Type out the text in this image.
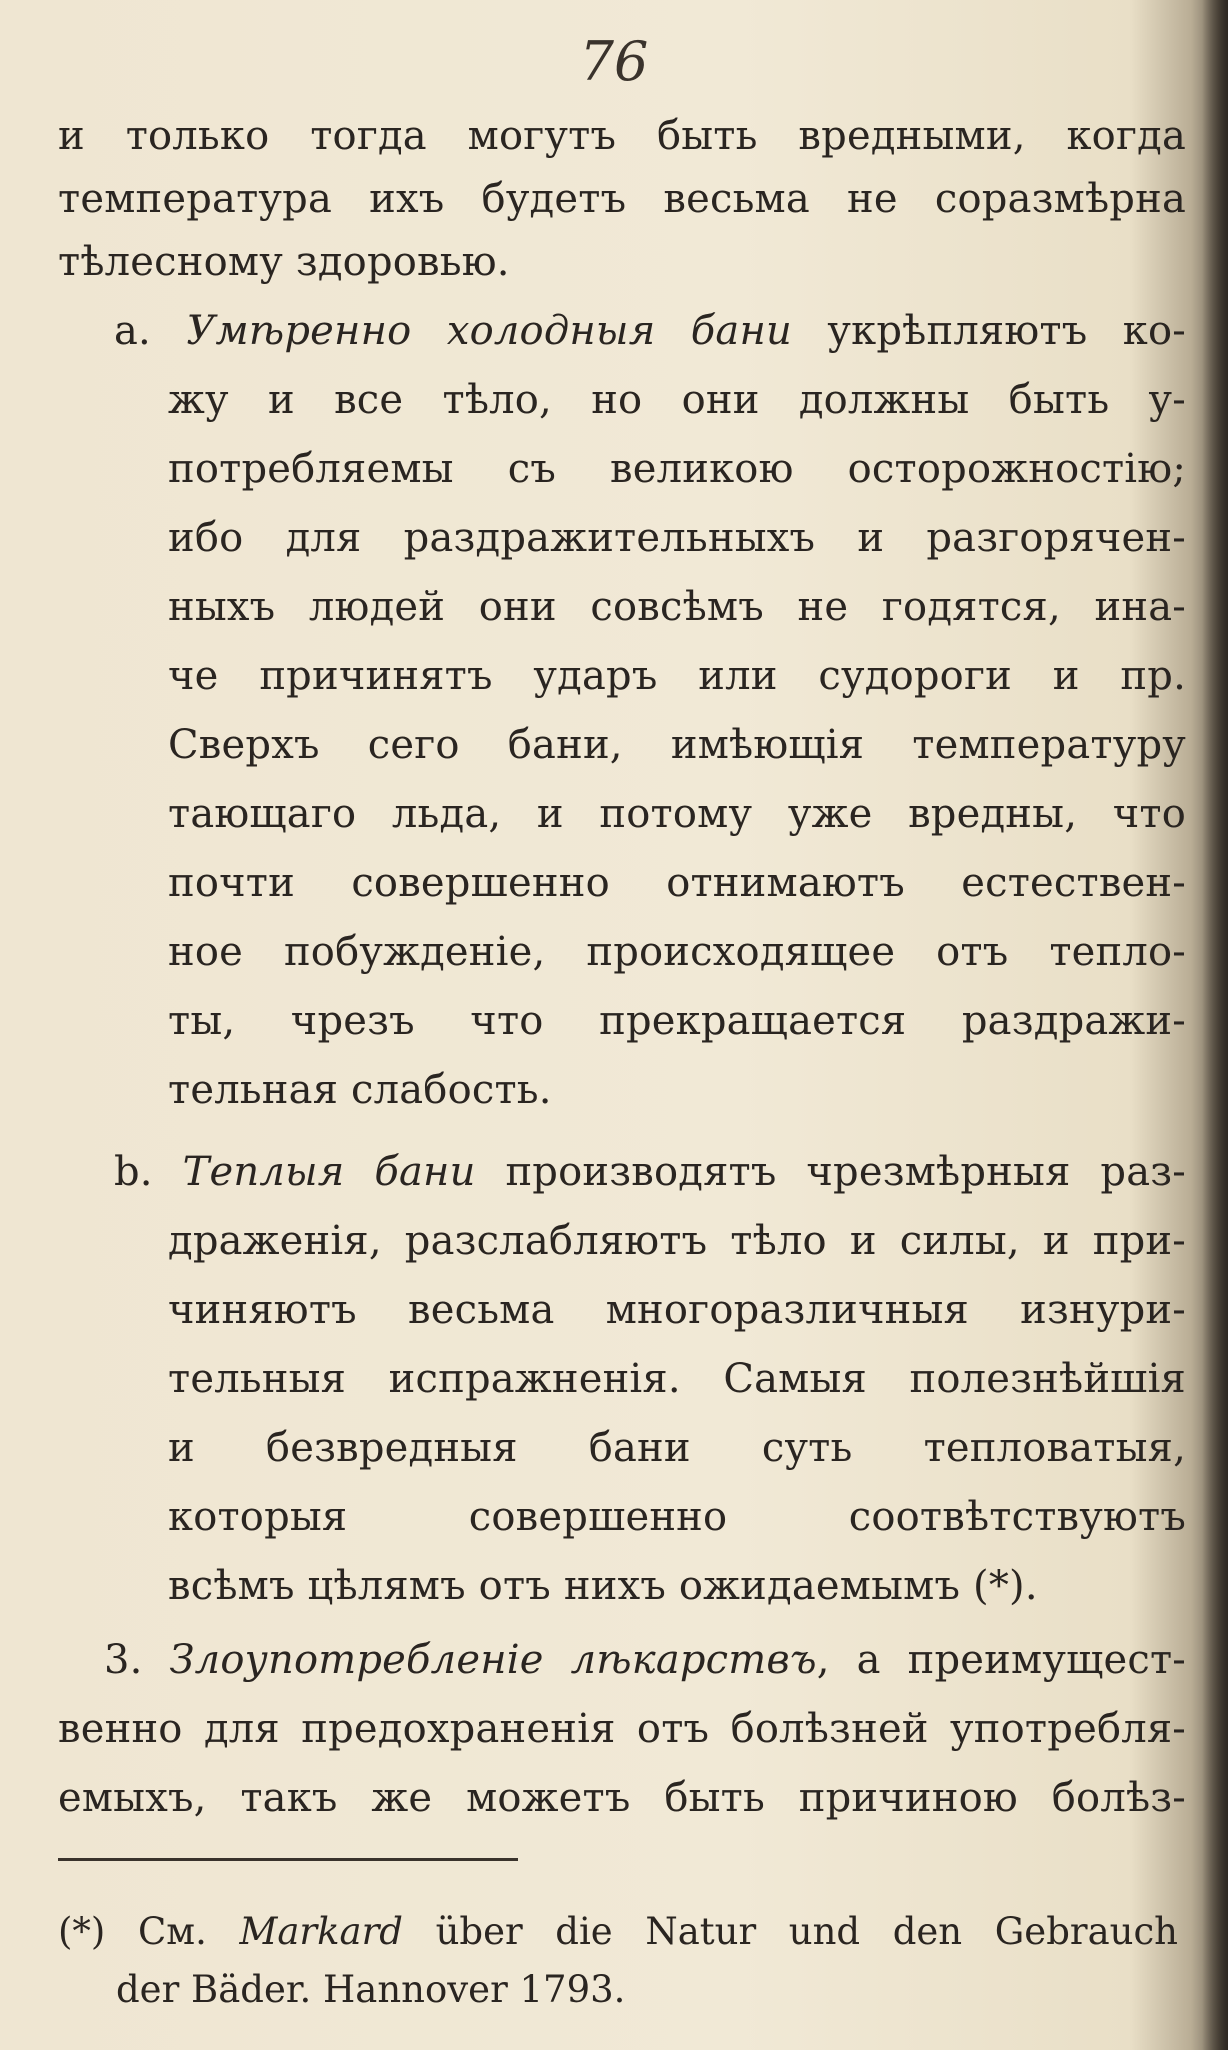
76
и только тогда могутъ быть вредными, когда
температура ихъ будетъ весьма не соразмѣрна
тѣлесному здоровью.
a. Умѣренно холодныя бани укрѣпляютъ ко-
жу и все тѣло, но они должны быть у-
потребляемы съ великою осторожностію;
ибо для раздражительныхъ и разгорячен-
ныхъ людей они совсѣмъ не годятся, ина-
че причинятъ ударъ или судороги и пр.
Сверхъ сего бани, имѣющія температуру
тающаго льда, и потому уже вредны, что
почти совершенно отнимаютъ естествен-
ное побужденіе, происходящее отъ тепло-
ты, чрезъ что прекращается раздражи-
тельная слабость.
b. Теплыя бани производятъ чрезмѣрныя раз-
драженія, разслабляютъ тѣло и силы, и при-
чиняютъ весьма многоразличныя изнури-
тельныя испражненія. Самыя полезнѣйшія
и безвредныя бани суть тепловатыя,
которыя совершенно соотвѣтствуютъ
всѣмъ цѣлямъ отъ нихъ ожидаемымъ (*).
3. Злоупотребленіе лѣкарствъ, а преимущест-
венно для предохраненія отъ болѣзней употребля-
емыхъ, такъ же можетъ быть причиною болѣз-
(*) См. Markard über die Natur und den Gebrauch
der Bäder. Hannover 1793.
